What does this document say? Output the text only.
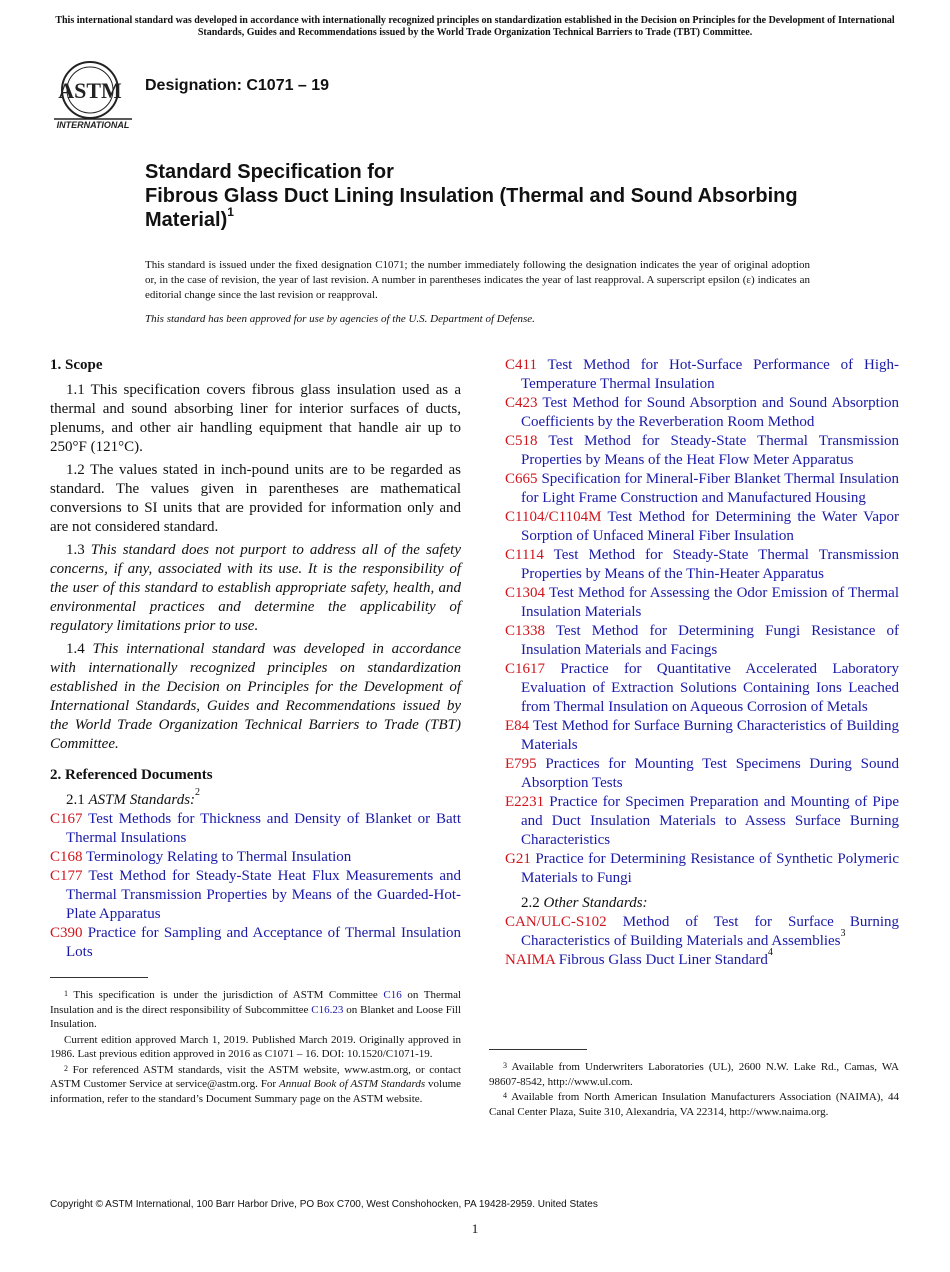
This international standard was developed in accordance with internationally recognized principles on standardization established in the Decision on Principles for the Development of International Standards, Guides and Recommendations issued by the World Trade Organization Technical Barriers to Trade (TBT) Committee.
ASTM
INTERNATIONAL
Designation: C1071 – 19
Standard Specification for
Fibrous Glass Duct Lining Insulation (Thermal and Sound Absorbing Material)$^1$
This standard is issued under the fixed designation C1071; the number immediately following the designation indicates the year of original adoption or, in the case of revision, the year of last revision. A number in parentheses indicates the year of last reapproval. A superscript epsilon (ε) indicates an editorial change since the last revision or reapproval.
This standard has been approved for use by agencies of the U.S. Department of Defense.
1. Scope

1.1 This specification covers fibrous glass insulation used as a thermal and sound absorbing liner for interior surfaces of ducts, plenums, and other air handling equipment that handle air up to 250°F (121°C).

1.2 The values stated in inch-pound units are to be regarded as standard. The values given in parentheses are mathematical conversions to SI units that are provided for information only and are not considered standard.

1.3 This standard does not purport to address all of the safety concerns, if any, associated with its use. It is the responsibility of the user of this standard to establish appropriate safety, health, and environmental practices and determine the applicability of regulatory limitations prior to use.

1.4 This international standard was developed in accordance with internationally recognized principles on standardization established in the Decision on Principles for the Development of International Standards, Guides and Recommendations issued by the World Trade Organization Technical Barriers to Trade (TBT) Committee.

2. Referenced Documents
2.1 ASTM Standards:$^2$

C167 Test Methods for Thickness and Density of Blanket or Batt Thermal Insulations

C168 Terminology Relating to Thermal Insulation

C177 Test Method for Steady-State Heat Flux Measurements and Thermal Transmission Properties by Means of the Guarded-Hot-Plate Apparatus

C390 Practice for Sampling and Acceptance of Thermal Insulation Lots

C411 Test Method for Hot-Surface Performance of High-Temperature Thermal Insulation

C423 Test Method for Sound Absorption and Sound Absorption Coefficients by the Reverberation Room Method

C518 Test Method for Steady-State Thermal Transmission Properties by Means of the Heat Flow Meter Apparatus

C665 Specification for Mineral-Fiber Blanket Thermal Insulation for Light Frame Construction and Manufactured Housing

C1104/C1104M Test Method for Determining the Water Vapor Sorption of Unfaced Mineral Fiber Insulation

C1114 Test Method for Steady-State Thermal Transmission Properties by Means of the Thin-Heater Apparatus

C1304 Test Method for Assessing the Odor Emission of Thermal Insulation Materials

C1338 Test Method for Determining Fungi Resistance of Insulation Materials and Facings

C1617 Practice for Quantitative Accelerated Laboratory Evaluation of Extraction Solutions Containing Ions Leached from Thermal Insulation on Aqueous Corrosion of Metals

E84 Test Method for Surface Burning Characteristics of Building Materials

E795 Practices for Mounting Test Specimens During Sound Absorption Tests

E2231 Practice for Specimen Preparation and Mounting of Pipe and Duct Insulation Materials to Assess Surface Burning Characteristics

G21 Practice for Determining Resistance of Synthetic Polymeric Materials to Fungi

2.2 Other Standards:

CAN/ULC-S102 Method of Test for Surface Burning Characteristics of Building Materials and Assemblies$^3$

NAIMA Fibrous Glass Duct Liner Standard$^4$

$^1$ This specification is under the jurisdiction of ASTM Committee C16 on Thermal Insulation and is the direct responsibility of Subcommittee C16.23 on Blanket and Loose Fill Insulation.

Current edition approved March 1, 2019. Published March 2019. Originally approved in 1986. Last previous edition approved in 2016 as C1071 – 16. DOI: 10.1520/C1071-19.

$^2$ For referenced ASTM standards, visit the ASTM website, www.astm.org, or contact ASTM Customer Service at service@astm.org. For Annual Book of ASTM Standards volume information, refer to the standard’s Document Summary page on the ASTM website.

$^3$ Available from Underwriters Laboratories (UL), 2600 N.W. Lake Rd., Camas, WA 98607-8542, http://www.ul.com.

$^4$ Available from North American Insulation Manufacturers Association (NAIMA), 44 Canal Center Plaza, Suite 310, Alexandria, VA 22314, http://www.naima.org.

Copyright © ASTM International, 100 Barr Harbor Drive, PO Box C700, West Conshohocken, PA 19428-2959. United States
1
